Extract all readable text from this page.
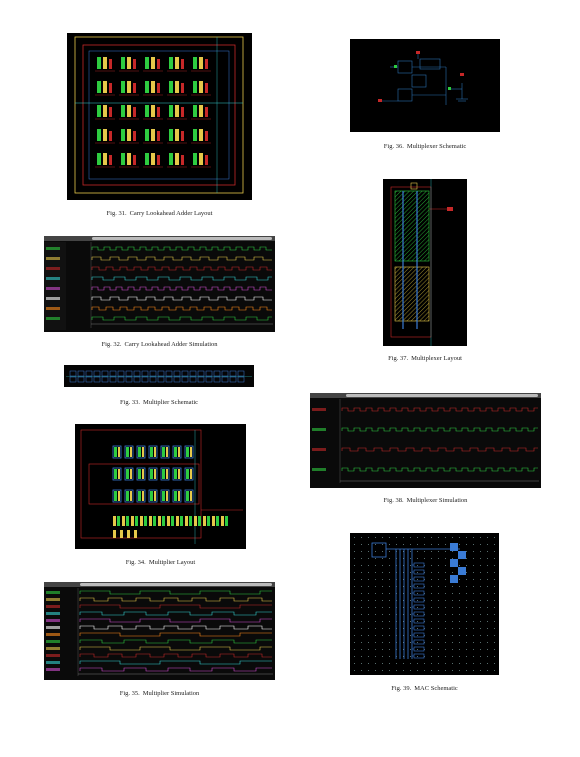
Fig. 31. Carry Lookahead Adder Layout
Fig. 32. Carry Lookahead Adder Simulation
Fig. 33. Multiplier Schematic
Fig. 34. Multiplier Layout
Fig. 35. Multiplier Simulation
Fig. 36. Multiplexer Schematic
Fig. 37. Multiplexer Layout
Fig. 38. Multiplexer Simulation
Fig. 39. MAC Schematic
